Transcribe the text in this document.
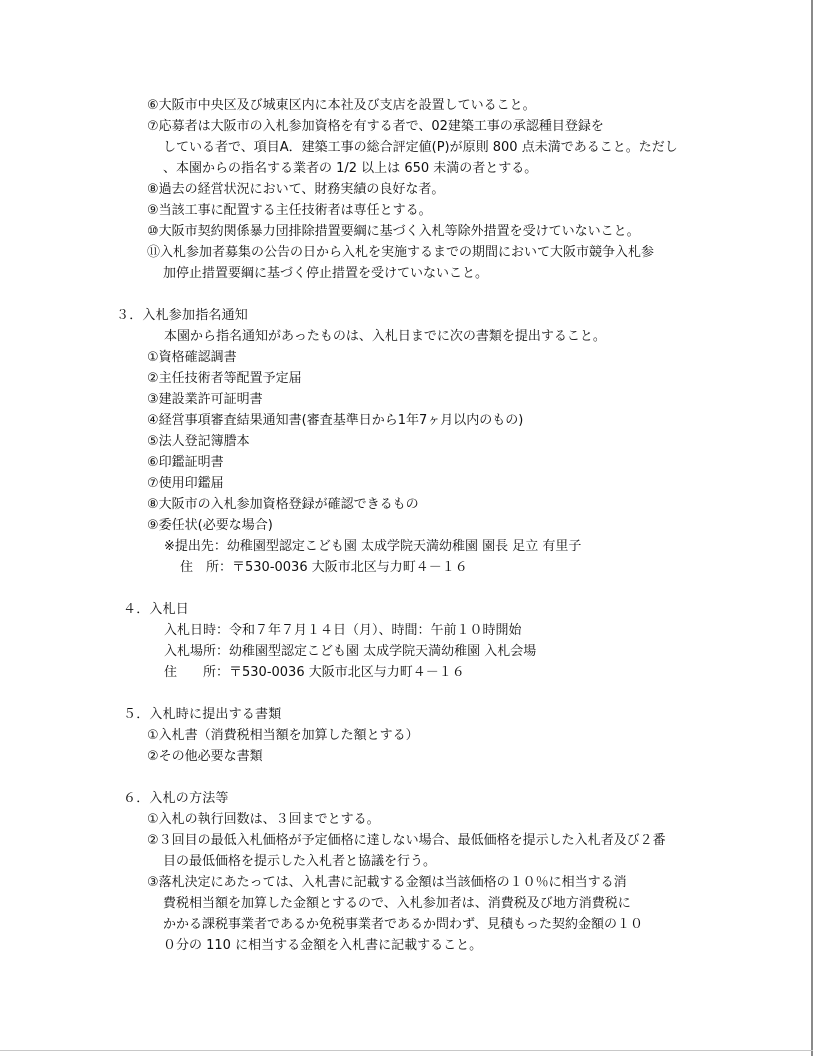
⑥大阪市中央区及び城東区内に本社及び支店を設置していること。
⑦応募者は大阪市の入札参加資格を有する者で、02建築工事の承認種目登録を
している者で、項目A．建築工事の総合評定値(P)が原則 800 点未満であること。ただし
、本園からの指名する業者の 1/2 以上は 650 未満の者とする。
⑧過去の経営状況において、財務実績の良好な者。
⑨当該工事に配置する主任技術者は専任とする。
⑩大阪市契約関係暴力団排除措置要綱に基づく入札等除外措置を受けていないこと。
⑪入札参加者募集の公告の日から入札を実施するまでの期間において大阪市競争入札参
加停止措置要綱に基づく停止措置を受けていないこと。
３．入札参加指名通知
本園から指名通知があったものは、入札日までに次の書類を提出すること。
①資格確認調書
②主任技術者等配置予定届
③建設業許可証明書
④経営事項審査結果通知書(審査基準日から1年7ヶ月以内のもの)
⑤法人登記簿謄本
⑥印鑑証明書
⑦使用印鑑届
⑧大阪市の入札参加資格登録が確認できるもの
⑨委任状(必要な場合)
※提出先：幼稚園型認定こども園 太成学院天満幼稚園 園長 足立 有里子
住　所：〒530-0036 大阪市北区与力町４－１６
４．入札日
入札日時：令和７年７月１４日（月）、時間：午前１０時開始
入札場所：幼稚園型認定こども園 太成学院天満幼稚園 入札会場
住　　所：〒530-0036 大阪市北区与力町４－１６
５．入札時に提出する書類
①入札書（消費税相当額を加算した額とする）
②その他必要な書類
６．入札の方法等
①入札の執行回数は、３回までとする。
②３回目の最低入札価格が予定価格に達しない場合、最低価格を提示した入札者及び２番
目の最低価格を提示した入札者と協議を行う。
③落札決定にあたっては、入札書に記載する金額は当該価格の１０％に相当する消
費税相当額を加算した金額とするので、入札参加者は、消費税及び地方消費税に
かかる課税事業者であるか免税事業者であるか問わず、見積もった契約金額の１０
０分の 110 に相当する金額を入札書に記載すること。
